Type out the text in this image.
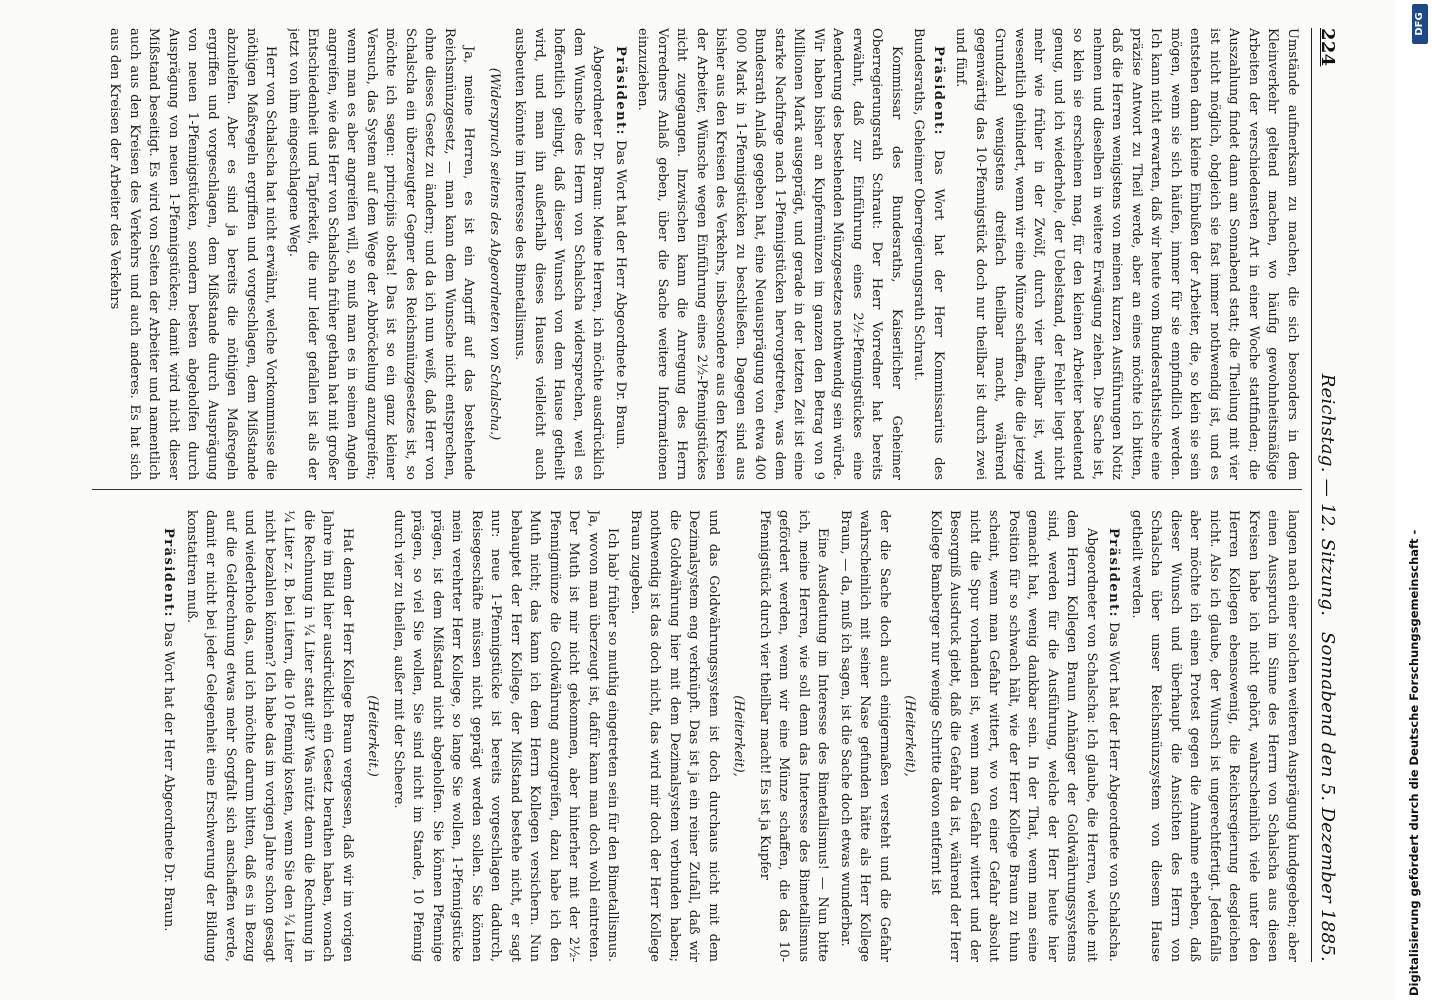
224
Reichstag. — 12. Sitzung.
Sonnabend den 5. Dezember 1885.

Umstände aufmerksam zu machen, die sich besonders in dem Kleinverkehr geltend machen, wo häufig gewohnheitsmäßige Arbeiten der verschiedensten Art in einer Woche stattfinden; die Auszahlung findet dann am Sonnabend statt; die Theilung mit vier ist nicht möglich, obgleich sie fast immer nothwendig ist, und es entstehen dann kleine Einbußen der Arbeiter, die, so klein sie sein mögen, wenn sie sich häufen, immer für sie empfindlich werden. Ich kann nicht erwarten, daß wir heute vom Bundesrathstische eine präzise Antwort zu Theil werde, aber an eines möchte ich bitten, daß die Herren wenigstens von meinen kurzen Ausführungen Notiz nehmen und dieselben in weitere Erwägung ziehen. Die Sache ist, so klein sie erscheinen mag, für den kleinen Arbeiter bedeutend genug, und ich wiederhole, der Uebelstand, der Fehler liegt nicht mehr wie früher in der Zwölf, durch vier theilbar ist, wird wesentlich gehindert, wenn wir eine Münze schaffen, die die jetzige Grundzahl wenigstens dreifach theilbar macht, während gegenwärtig das 10-Pfennigstück doch nur theilbar ist durch zwei und fünf.

Präsident: Das Wort hat der Herr Kommissarius des Bundesraths, Geheimer Oberregierungsrath Schraut.

Kommissar des Bundesraths, Kaiserlicher Geheimer Oberregierungsrath Schraut: Der Herr Vorredner hat bereits erwähnt, daß zur Einführung eines 2½-Pfennigstückes eine Aenderung des bestehenden Münzgesetzes nothwendig sein würde. Wir haben bisher an Kupfermünzen im ganzen den Betrag von 9 Millionen Mark ausgeprägt, und gerade in der letzten Zeit ist eine starke Nachfrage nach 1-Pfennigstücken hervorgetreten, was dem Bundesrath Anlaß gegeben hat, eine Neuausprägung von etwa 400 000 Mark in 1-Pfennigstücken zu beschließen. Dagegen sind aus bisher aus den Kreisen des Verkehrs, insbesondere aus den Kreisen der Arbeiter, Wünsche wegen Einführung eines 2½-Pfennigstückes nicht zugegangen. Inzwischen kann die Anregung des Herrn Vorredners Anlaß geben, über die Sache weitere Informationen einzuziehen.

Präsident: Das Wort hat der Herr Abgeordnete Dr. Braun.

Abgeordneter Dr. Braun: Meine Herren, ich möchte ausdrücklich dem Wunsche des Herrn von Schalscha widersprechen, weil es hoffentlich gelingt, daß dieser Wunsch von dem Hause getheilt wird, und man ihn außerhalb dieses Hauses vielleicht auch ausbeuten könnte im Interesse des Bimetallismus.

(Widerspruch seitens des Abgeordneten von Schalscha.)

Ja, meine Herren, es ist ein Angriff auf das bestehende Reichsmünzgesetz, — man kann dem Wunsche nicht entsprechen, ohne dieses Gesetz zu ändern; und da ich nun weiß, daß Herr von Schalscha ein überzeugter Gegner des Reichsmünzgesetzes ist, so möchte ich sagen: principiis obsta! Das ist so ein ganz kleiner Versuch, das System auf dem Wege der Abbröckelung anzugreifen; wenn man es aber angreifen will, so muß man es in seinen Angeln angreifen, wie das Herr von Schalscha früher gethan hat mit großer Entschiedenheit und Tapferkeit, die nur leider gefallen ist als der jetzt von ihm eingeschlagene Weg.

Herr von Schalscha hat nicht erwähnt, welche Vorkommnisse die nöthigen Maßregeln ergriffen und vorgeschlagen, dem Mißstande abzuhelfen. Aber es sind ja bereits die nöthigen Maßregeln ergriffen und vorgeschlagen, dem Mißstande durch Ausprägung von neuen 1-Pfennigstücken, sondern besten abgeholfen durch Ausprägung von neuen 1-Pfennigstücken; damit wird nicht dieser Mißstand beseitigt. Es wird von Seiten der Arbeiter und namentlich auch aus den Kreisen des Verkehrs und auch anderes. Es hat sich aus den Kreisen der Arbeiter des Verkehrs

langen nach einer solchen weiteren Ausprägung kundgegeben; aber einen Ausspruch im Sinne des Herrn von Schalscha aus diesen Kreisen habe ich nicht gehört, wahrscheinlich viele unter den Herren Kollegen ebensowenig, die Reichsregierung desgleichen nicht. Also ich glaube, der Wunsch ist ungerechtfertigt. Jedenfalls aber möchte ich einen Protest gegen die Annahme erheben, daß dieser Wunsch und überhaupt die Ansichten des Herrn von Schalscha über unser Reichsmünzsystem von diesem Hause getheilt werden.

Präsident: Das Wort hat der Herr Abgeordnete von Schalscha.

Abgeordneter von Schalscha: Ich glaube, die Herren, welche mit dem Herrn Kollegen Braun Anhänger der Goldwährungssystems sind, werden für die Ausführung, welche der Herr heute hier gemacht hat, wenig dankbar sein. In der That, wenn man seine Position für so schwach hält, wie der Herr Kollege Braun zu thun scheint, wenn man Gefahr wittert, wo von einer Gefahr absolut nicht die Spur vorhanden ist, wenn man Gefahr wittert und der Besorgniß Ausdruck giebt, daß die Gefahr da ist, während der Herr Kollege Bamberger nur wenige Schritte davon entfernt ist

(Heiterkeit),

der die Sache doch auch einigermaßen versteht und die Gefahr wahrscheinlich mit seiner Nase gefunden hätte als Herr Kollege Braun, — da, muß ich sagen, ist die Sache doch etwas wunderbar.

Eine Ausdeutung im Interesse des Bimetallismus! — Nun bitte ich, meine Herren, wie soll denn das Interesse des Bimetallismus gefördert werden, wenn wir eine Münze schaffen, die das 10-Pfennigstück durch vier theilbar macht! Es ist ja Kupfer

(Heiterkeit),

und das Goldwährungssystem ist doch durchaus nicht mit dem Dezimalsystem eng verknüpft. Das ist ja ein reiner Zufall, daß wir die Goldwährung hier mit dem Dezimalsystem verbunden haben; nothwendig ist das doch nicht, das wird mir doch der Herr Kollege Braun zugeben.

Ich hab' früher so muthig eingetreten sein für den Bimetallismus. Ja, wovon man überzeugt ist, dafür kann man doch wohl eintreten. Der Muth ist mir nicht gekommen, aber hinterher mit der 2½-Pfennigmünze die Goldwährung anzugreifen, dazu habe ich den Muth nicht; das kann ich dem Herrn Kollegen versichern. Nun behauptet der Herr Kollege, der Mißstand bestehe nicht, er sagt nur: neue 1-Pfennigstücke ist bereits vorgeschlagen dadurch, Reisegeschäfte müssen nicht geprägt werden sollen. Sie können mein verehrter Herr Kollege, so lange Sie wollen, 1-Pfennigstücke prägen, ist dem Mißstand nicht abgeholfen. Sie können Pfennige prägen, so viel Sie wollen, Sie sind nicht im Stande, 10 Pfennig durch vier zu theilen, außer mit der Scheere.

(Heiterkeit.)

Hat denn der Herr Kollege Braun vergessen, daß wir im vorigen Jahre im Bild hier ausdrücklich ein Gesetz berathen haben, wonach die Rechnung in ¼ Liter statt gilt? Was nützt denn die Rechnung in ¼ Liter z. B. bei Litern, die 10 Pfennig kosten, wenn Sie den ¼ Liter nicht bezahlen können? Ich habe das im vorigen Jahre schon gesagt und wiederhole das, und ich möchte darum bitten, daß es in Bezug auf die Geldrechnung etwas mehr Sorgfalt sich anschaffen werde, damit er nicht bei jeder Gelegenheit eine Erschwerung der Bildung konstatiren muß.

Präsident: Das Wort hat der Herr Abgeordnete Dr. Braun.	Digitalisierung gefördert durch die Deutsche Forschungsgemeinschaft -
DFG
